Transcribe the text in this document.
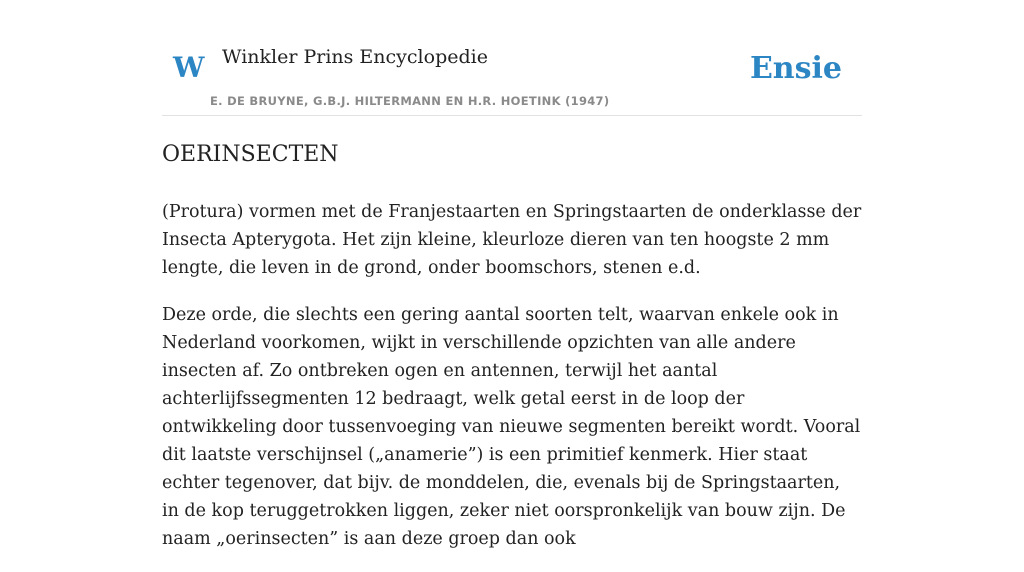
W Winkler Prins Encyclopedie
E. DE BRUYNE, G.B.J. HILTERMANN EN H.R. HOETINK (1947)
Ensie
OERINSECTEN

(Protura) vormen met de Franjestaarten en Springstaarten de onderklasse der Insecta Apterygota. Het zijn kleine, kleurloze dieren van ten hoogste 2 mm lengte, die leven in de grond, onder boomschors, stenen e.d.

Deze orde, die slechts een gering aantal soorten telt, waarvan enkele ook in Nederland voorkomen, wijkt in verschillende opzichten van alle andere insecten af. Zo ontbreken ogen en antennen, terwijl het aantal achterlijfssegmenten 12 bedraagt, welk getal eerst in de loop der ontwikkeling door tussenvoeging van nieuwe segmenten bereikt wordt. Vooral dit laatste verschijnsel („anamerie”) is een primitief kenmerk. Hier staat echter tegenover, dat bijv. de monddelen, die, evenals bij de Springstaarten, in de kop teruggetrokken liggen, zeker niet oorspronkelijk van bouw zijn. De naam „oerinsecten” is aan deze groep dan ook
